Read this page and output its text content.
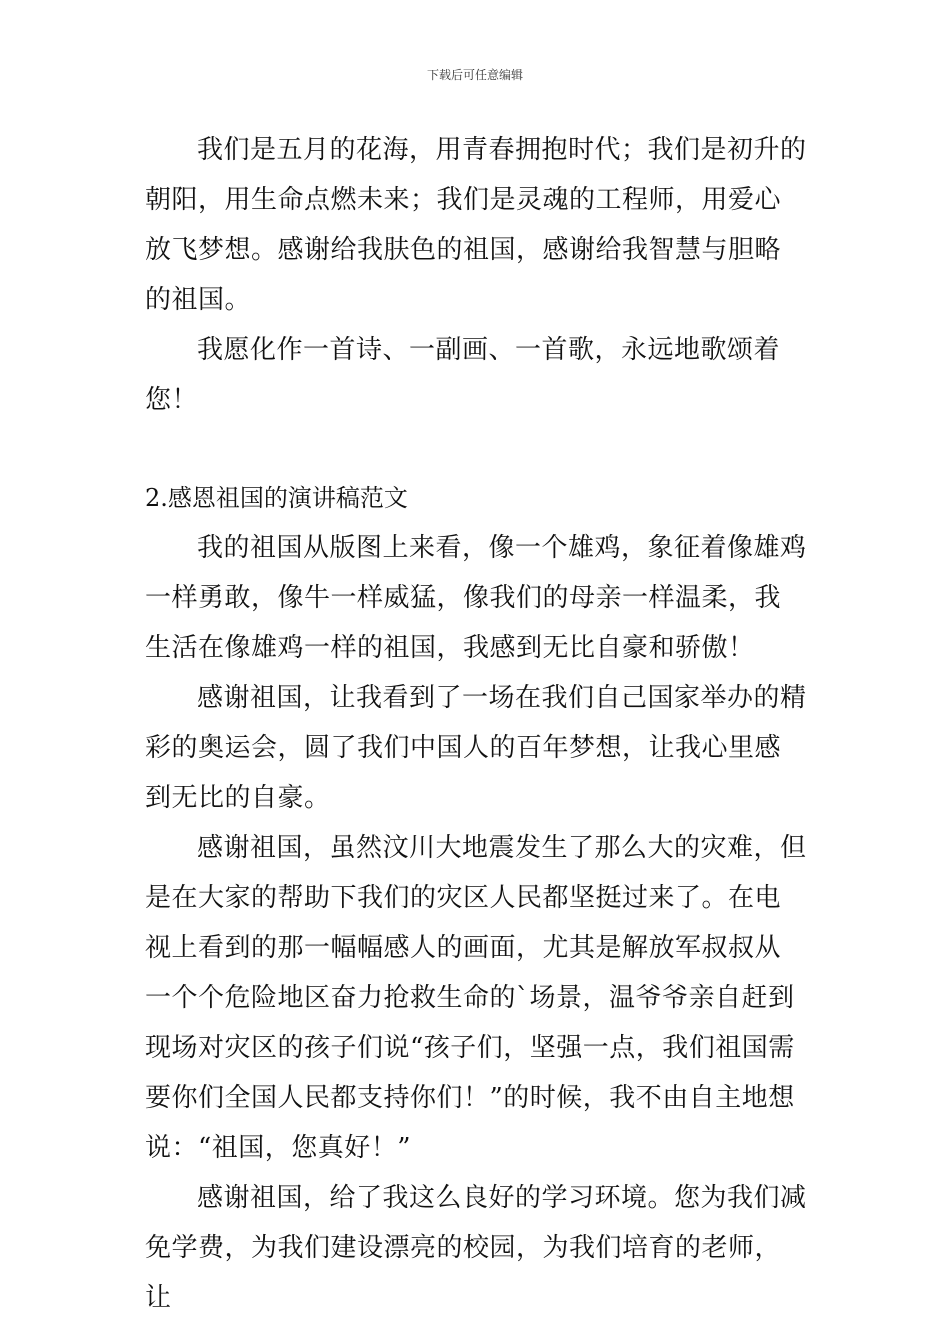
下载后可任意编辑

我们是五月的花海，用青春拥抱时代；我们是初升的朝阳，用生命点燃未来；我们是灵魂的工程师，用爱心放飞梦想。感谢给我肤色的祖国，感谢给我智慧与胆略的祖国。

我愿化作一首诗、一副画、一首歌，永远地歌颂着您！

2.感恩祖国的演讲稿范文

我的祖国从版图上来看，像一个雄鸡，象征着像雄鸡一样勇敢，像牛一样威猛，像我们的母亲一样温柔，我生活在像雄鸡一样的祖国，我感到无比自豪和骄傲！

感谢祖国，让我看到了一场在我们自己国家举办的精彩的奥运会，圆了我们中国人的百年梦想，让我心里感到无比的自豪。

感谢祖国，虽然汶川大地震发生了那么大的灾难，但是在大家的帮助下我们的灾区人民都坚挺过来了。在电视上看到的那一幅幅感人的画面，尤其是解放军叔叔从一个个危险地区奋力抢救生命的`场景，温爷爷亲自赶到现场对灾区的孩子们说“孩子们，坚强一点，我们祖国需要你们全国人民都支持你们！”的时候，我不由自主地想说：“祖国，您真好！”

感谢祖国，给了我这么良好的学习环境。您为我们减免学费，为我们建设漂亮的校园，为我们培育的老师，让
